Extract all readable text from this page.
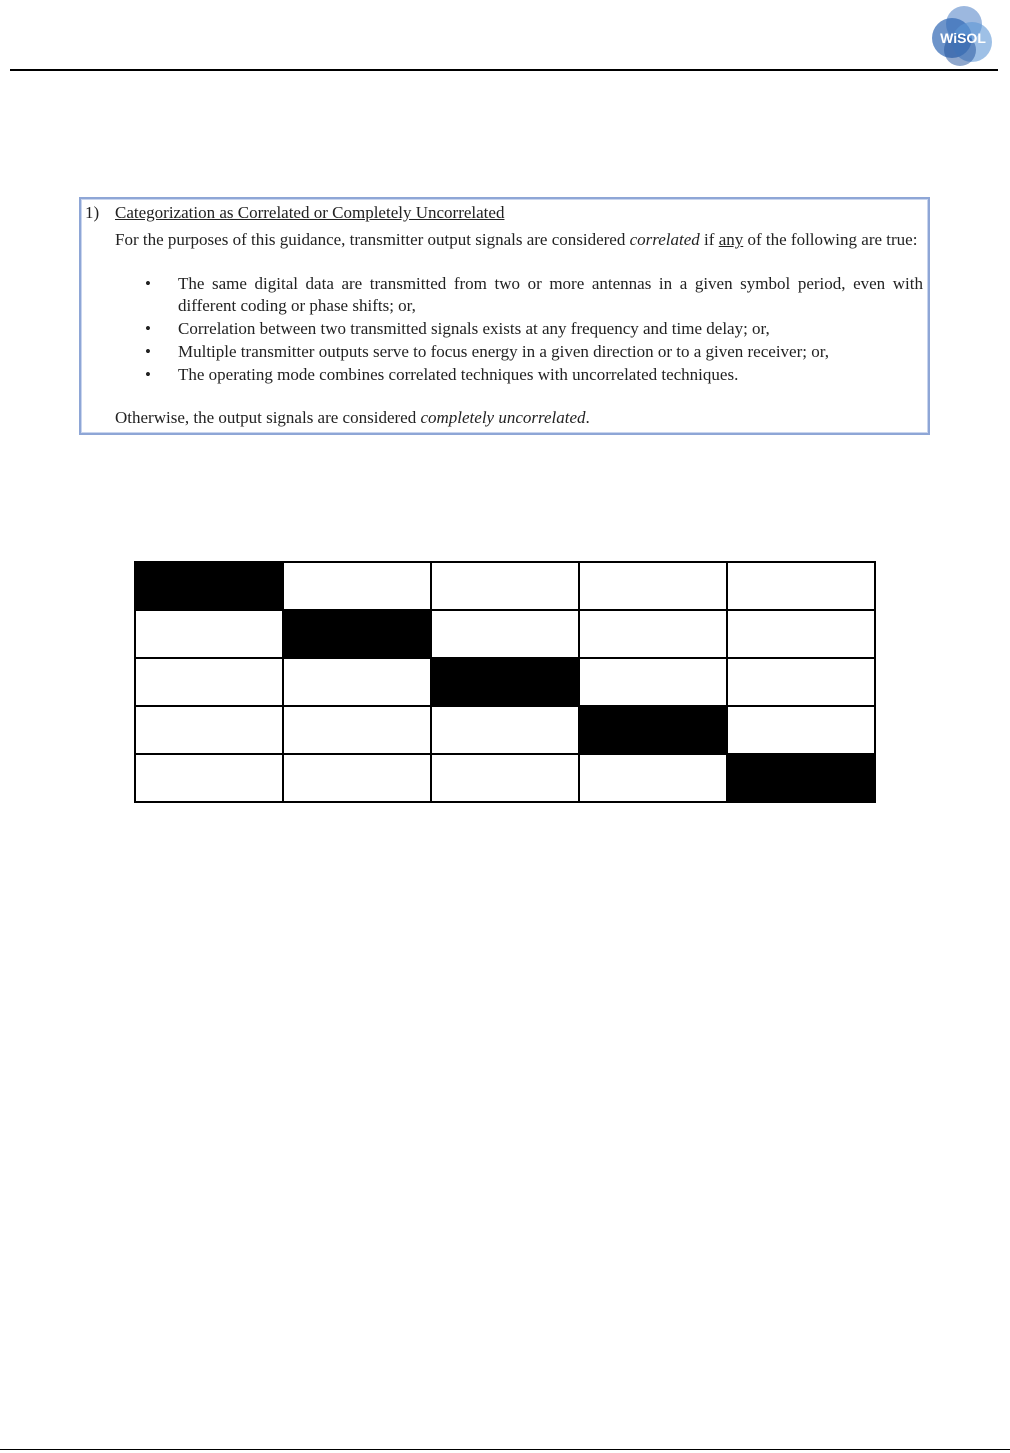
WiSOL
1) Categorization as Correlated or Completely Uncorrelated
For the purposes of this guidance, transmitter output signals are considered correlated if any of the following are true:
• The same digital data are transmitted from two or more antennas in a given symbol period, even with different coding or phase shifts; or,
• Correlation between two transmitted signals exists at any frequency and time delay; or,
• Multiple transmitter outputs serve to focus energy in a given direction or to a given receiver; or,
• The operating mode combines correlated techniques with uncorrelated techniques.
Otherwise, the output signals are considered completely uncorrelated.
